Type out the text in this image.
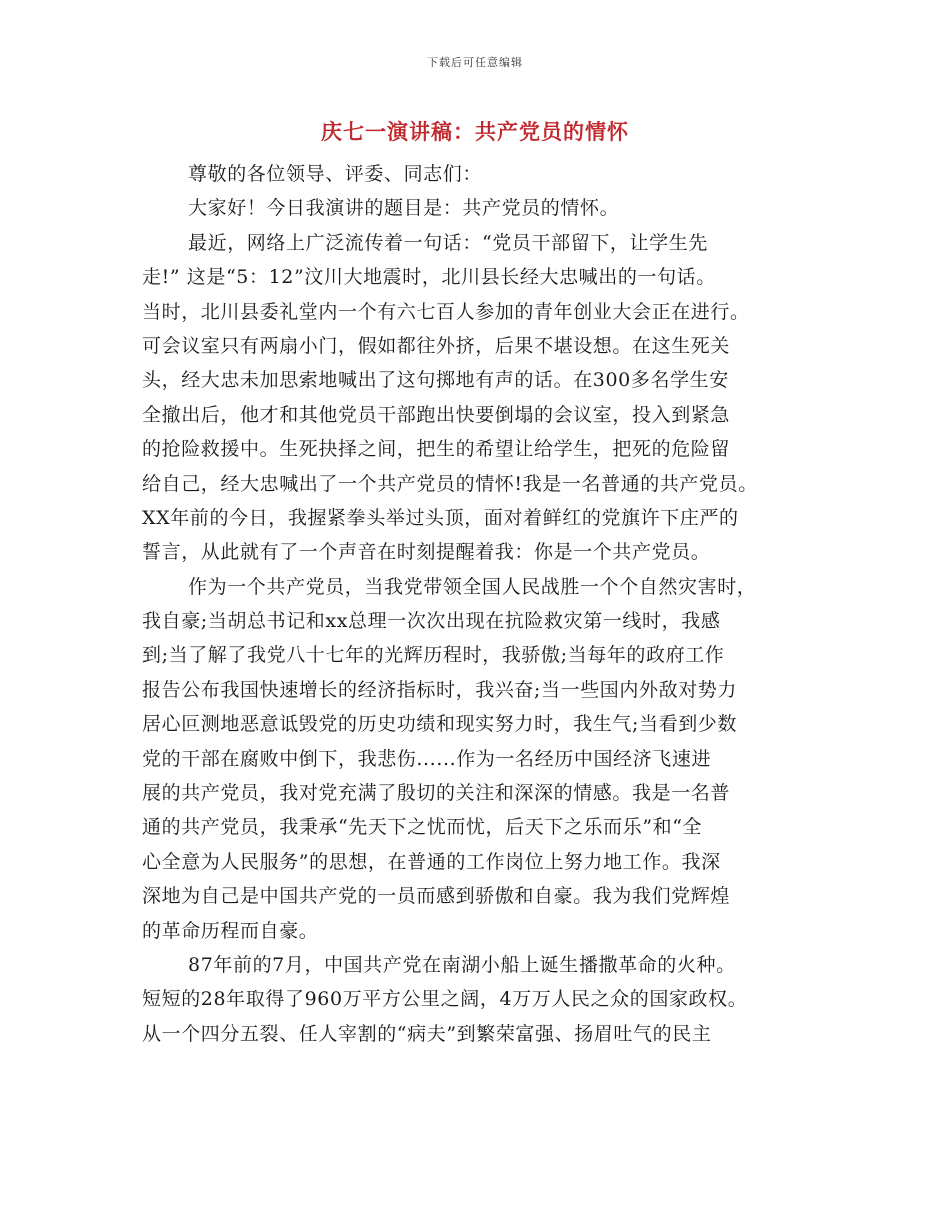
下载后可任意编辑
庆七一演讲稿：共产党员的情怀
尊敬的各位领导、评委、同志们：
大家好！今日我演讲的题目是：共产党员的情怀。
最近，网络上广泛流传着一句话：“党员干部留下，让学生先
走!” 这是“5：12”汶川大地震时，北川县长经大忠喊出的一句话。
当时，北川县委礼堂内一个有六七百人参加的青年创业大会正在进行。
可会议室只有两扇小门，假如都往外挤，后果不堪设想。在这生死关
头，经大忠未加思索地喊出了这句掷地有声的话。在300多名学生安
全撤出后，他才和其他党员干部跑出快要倒塌的会议室，投入到紧急
的抢险救援中。生死抉择之间，把生的希望让给学生，把死的危险留
给自己，经大忠喊出了一个共产党员的情怀!我是一名普通的共产党员。
XX年前的今日，我握紧拳头举过头顶，面对着鲜红的党旗许下庄严的
誓言，从此就有了一个声音在时刻提醒着我：你是一个共产党员。
作为一个共产党员，当我党带领全国人民战胜一个个自然灾害时，
我自豪;当胡总书记和xx总理一次次出现在抗险救灾第一线时，我感
到;当了解了我党八十七年的光辉历程时，我骄傲;当每年的政府工作
报告公布我国快速增长的经济指标时，我兴奋;当一些国内外敌对势力
居心叵测地恶意诋毁党的历史功绩和现实努力时，我生气;当看到少数
党的干部在腐败中倒下，我悲伤......作为一名经历中国经济飞速进
展的共产党员，我对党充满了殷切的关注和深深的情感。我是一名普
通的共产党员，我秉承“先天下之忧而忧，后天下之乐而乐”和“全
心全意为人民服务”的思想，在普通的工作岗位上努力地工作。我深
深地为自己是中国共产党的一员而感到骄傲和自豪。我为我们党辉煌
的革命历程而自豪。
87年前的7月，中国共产党在南湖小船上诞生播撒革命的火种。
短短的28年取得了960万平方公里之阔，4万万人民之众的国家政权。
从一个四分五裂、任人宰割的“病夫”到繁荣富强、扬眉吐气的民主
